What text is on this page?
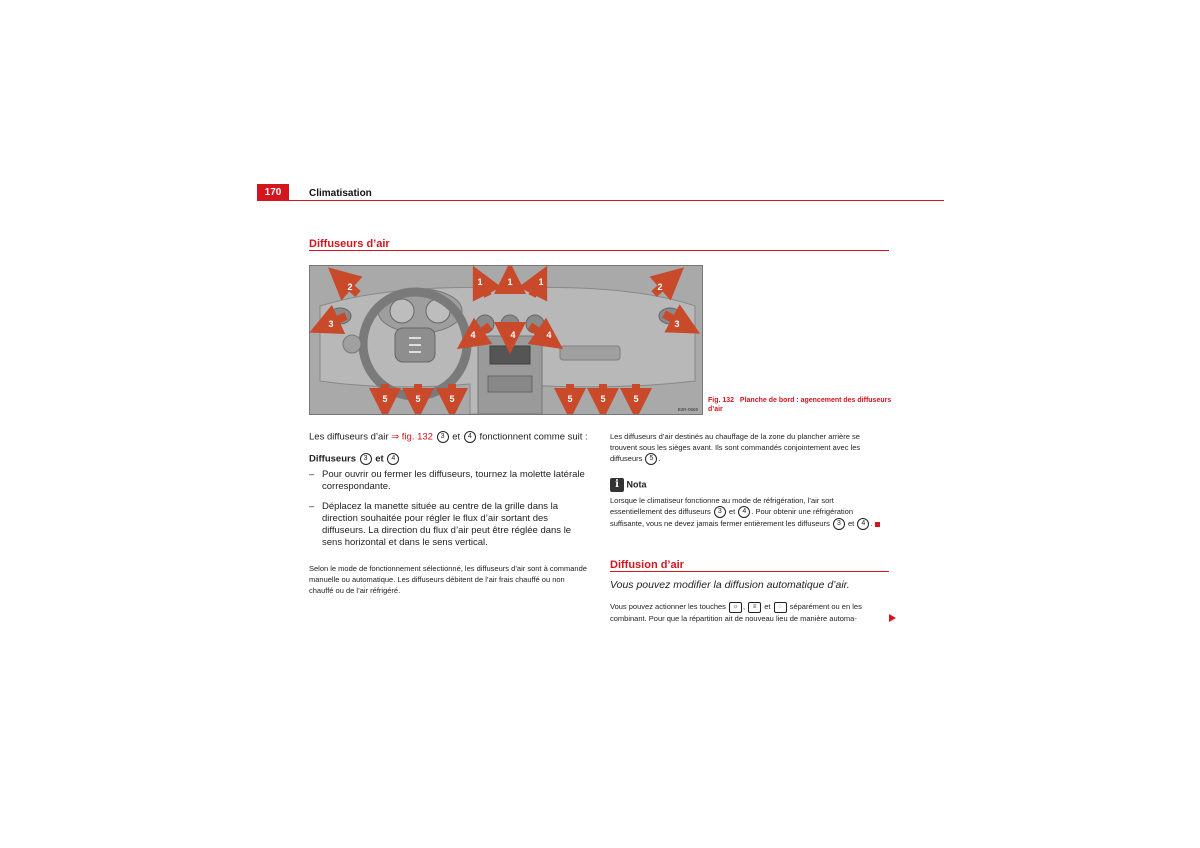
170	Climatisation
Diffuseurs d’air
1	1	1
2	2
3	3
4	4	4
5	5	5	5	5	5
B3R-0669
Fig. 132 Planche de bord : agencement des diffuseurs d’air
Les diffuseurs d’air ⇒ fig. 132 3 et 4 fonctionnent comme suit :
Diffuseurs 3 et 4
– Pour ouvrir ou fermer les diffuseurs, tournez la molette latérale correspondante.
– Déplacez la manette située au centre de la grille dans la direction souhaitée pour régler le flux d’air sortant des diffuseurs. La direction du flux d’air peut être réglée dans le sens horizontal et dans le sens vertical.
Selon le mode de fonctionnement sélectionné, les diffuseurs d’air sont à commande manuelle ou automatique. Les diffuseurs débitent de l’air frais chauffé ou non chauffé ou de l’air réfrigéré.
Les diffuseurs d’air destinés au chauffage de la zone du plancher arrière se trouvent sous les sièges avant. Ils sont commandés conjointement avec les diffuseurs 5 .
i Nota
Lorsque le climatiseur fonctionne au mode de réfrigération, l’air sort essentiellement des diffuseurs 3 et 4 . Pour obtenir une réfrigération suffisante, vous ne devez jamais fermer entièrement les diffuseurs 3 et 4 .
Diffusion d’air
Vous pouvez modifier la diffusion automatique d’air.
Vous pouvez actionner les touches ☼ , ≡ et ◌ séparément ou en les combinant. Pour que la répartition ait de nouveau lieu de manière automa-
